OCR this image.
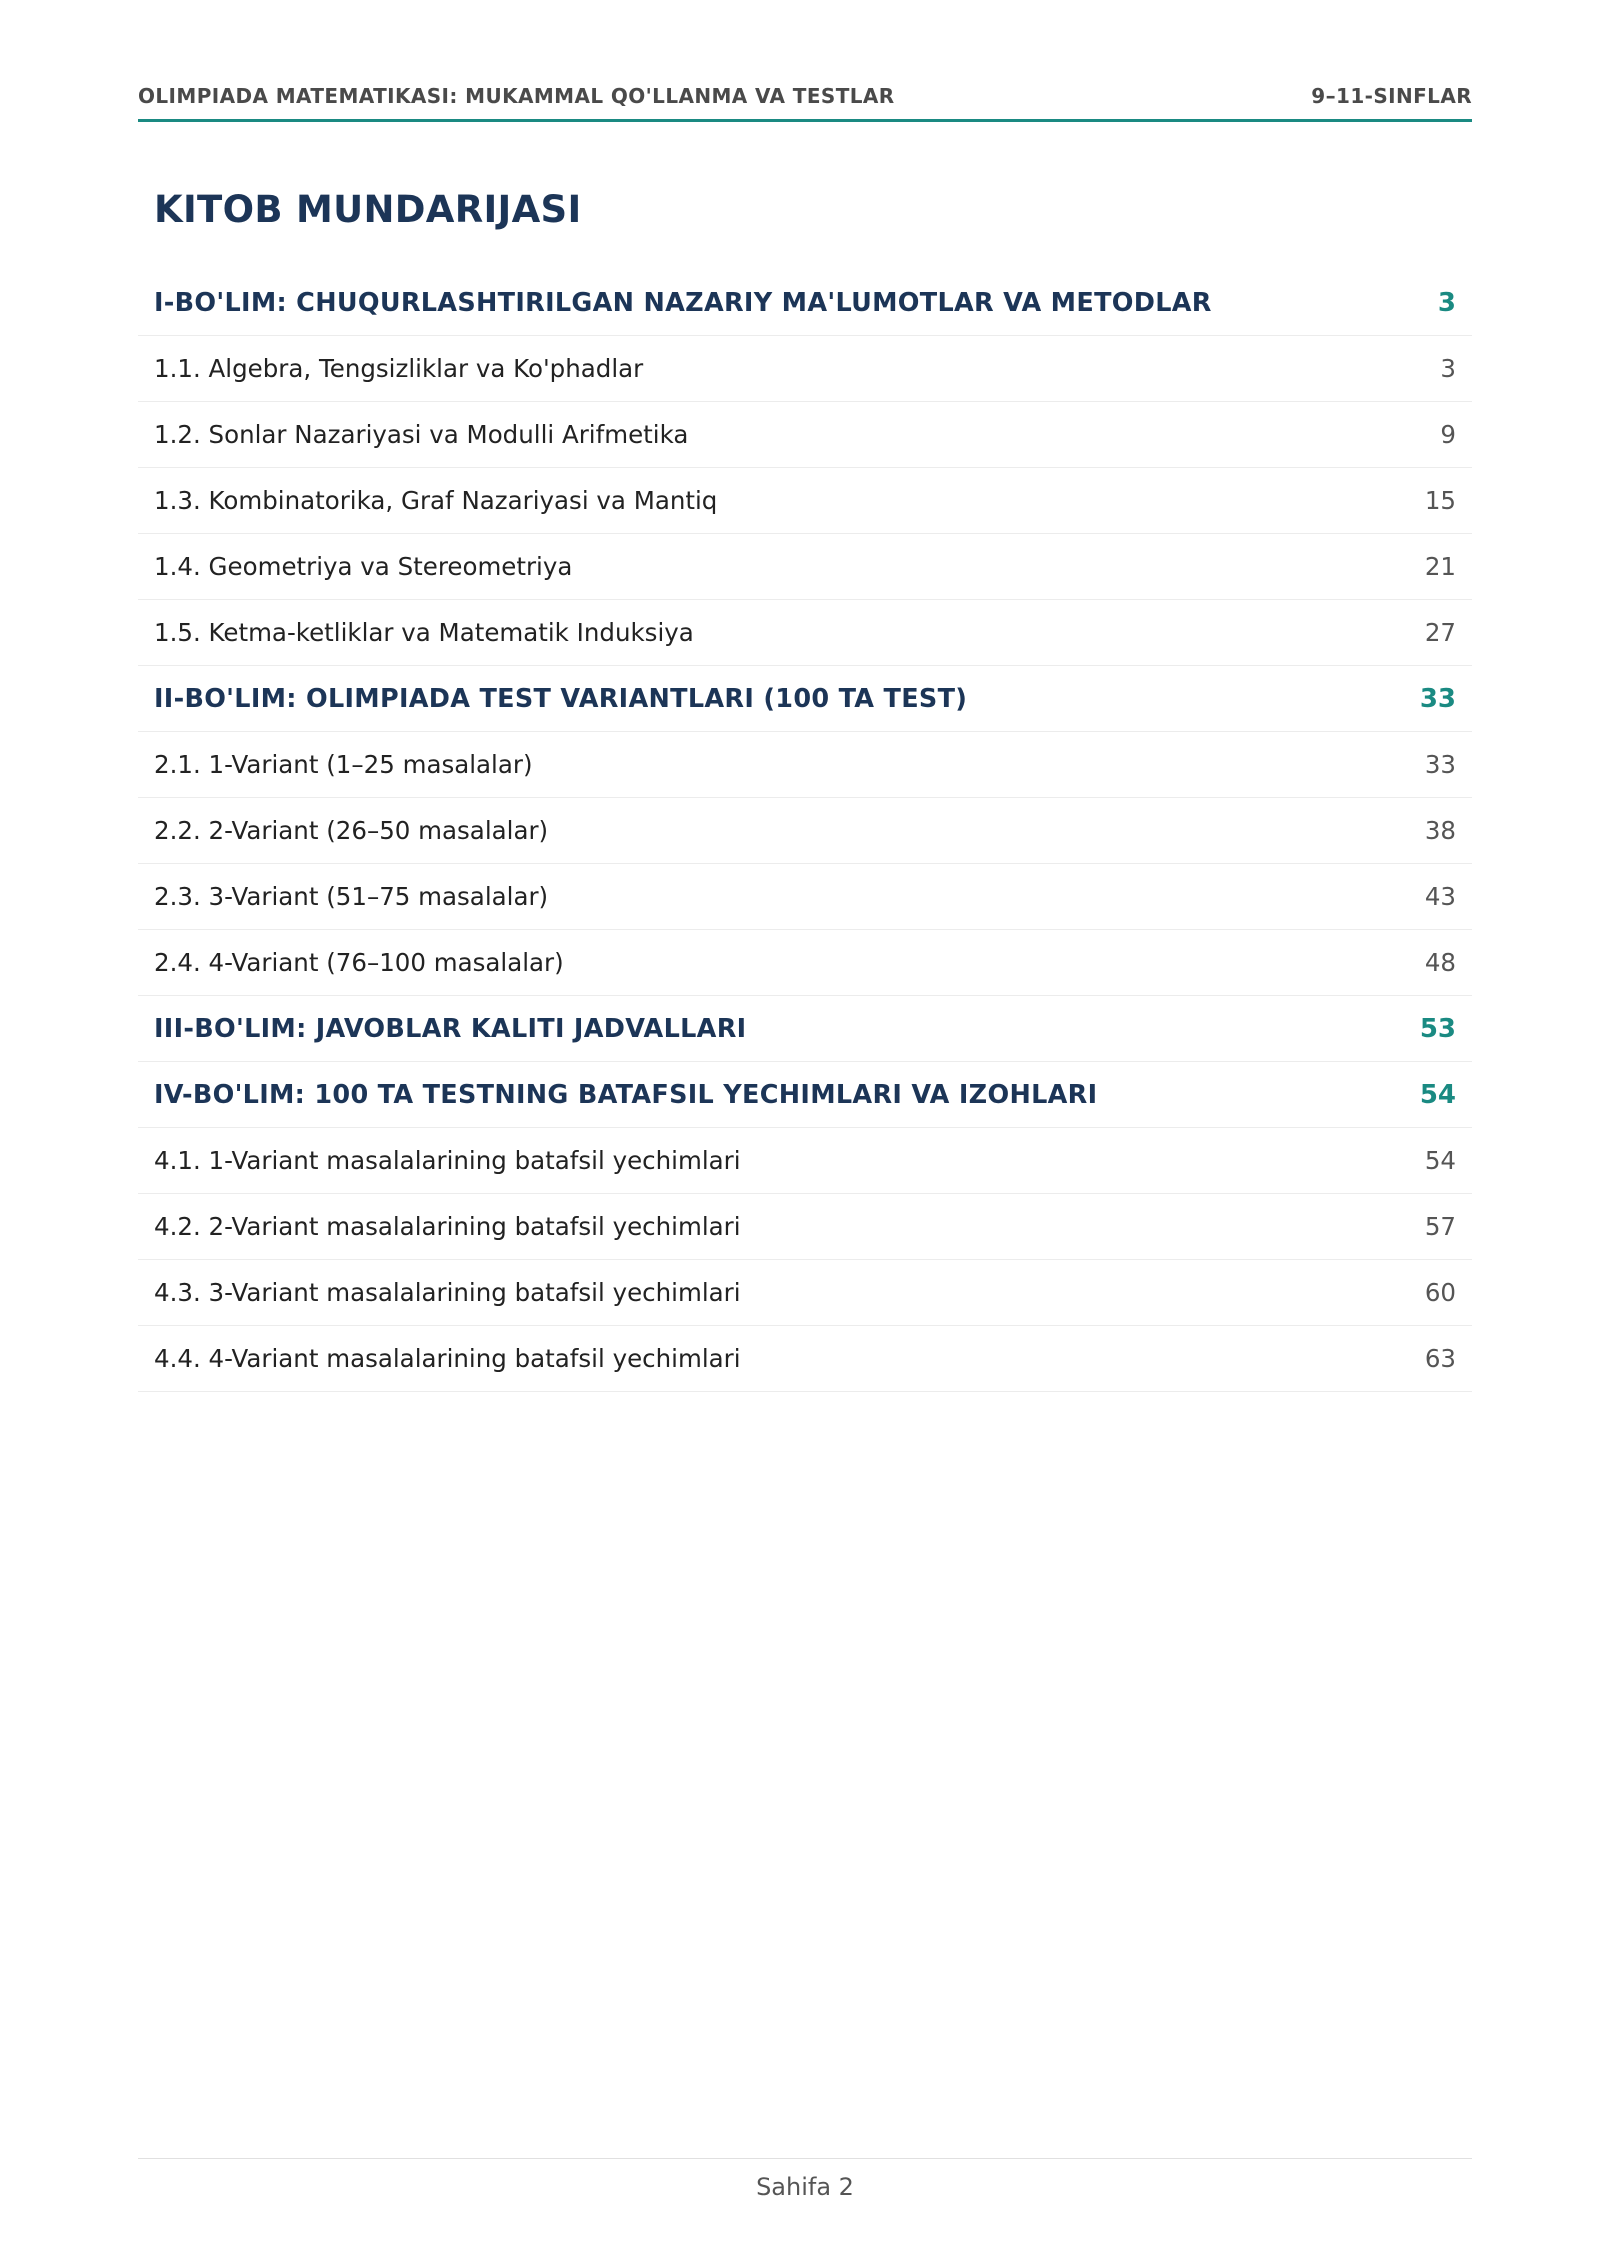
OLIMPIADA MATEMATIKASI: MUKAMMAL QO'LLANMA VA TESTLAR	9–11-SINFLAR
KITOB MUNDARIJASI
I-BO'LIM: CHUQURLASHTIRILGAN NAZARIY MA'LUMOTLAR VA METODLAR	3
1.1. Algebra, Tengsizliklar va Ko'phadlar	3
1.2. Sonlar Nazariyasi va Modulli Arifmetika	9
1.3. Kombinatorika, Graf Nazariyasi va Mantiq	15
1.4. Geometriya va Stereometriya	21
1.5. Ketma-ketliklar va Matematik Induksiya	27
II-BO'LIM: OLIMPIADA TEST VARIANTLARI (100 TA TEST)	33
2.1. 1-Variant (1–25 masalalar)	33
2.2. 2-Variant (26–50 masalalar)	38
2.3. 3-Variant (51–75 masalalar)	43
2.4. 4-Variant (76–100 masalalar)	48
III-BO'LIM: JAVOBLAR KALITI JADVALLARI	53
IV-BO'LIM: 100 TA TESTNING BATAFSIL YECHIMLARI VA IZOHLARI	54
4.1. 1-Variant masalalarining batafsil yechimlari	54
4.2. 2-Variant masalalarining batafsil yechimlari	57
4.3. 3-Variant masalalarining batafsil yechimlari	60
4.4. 4-Variant masalalarining batafsil yechimlari	63
Sahifa 2
